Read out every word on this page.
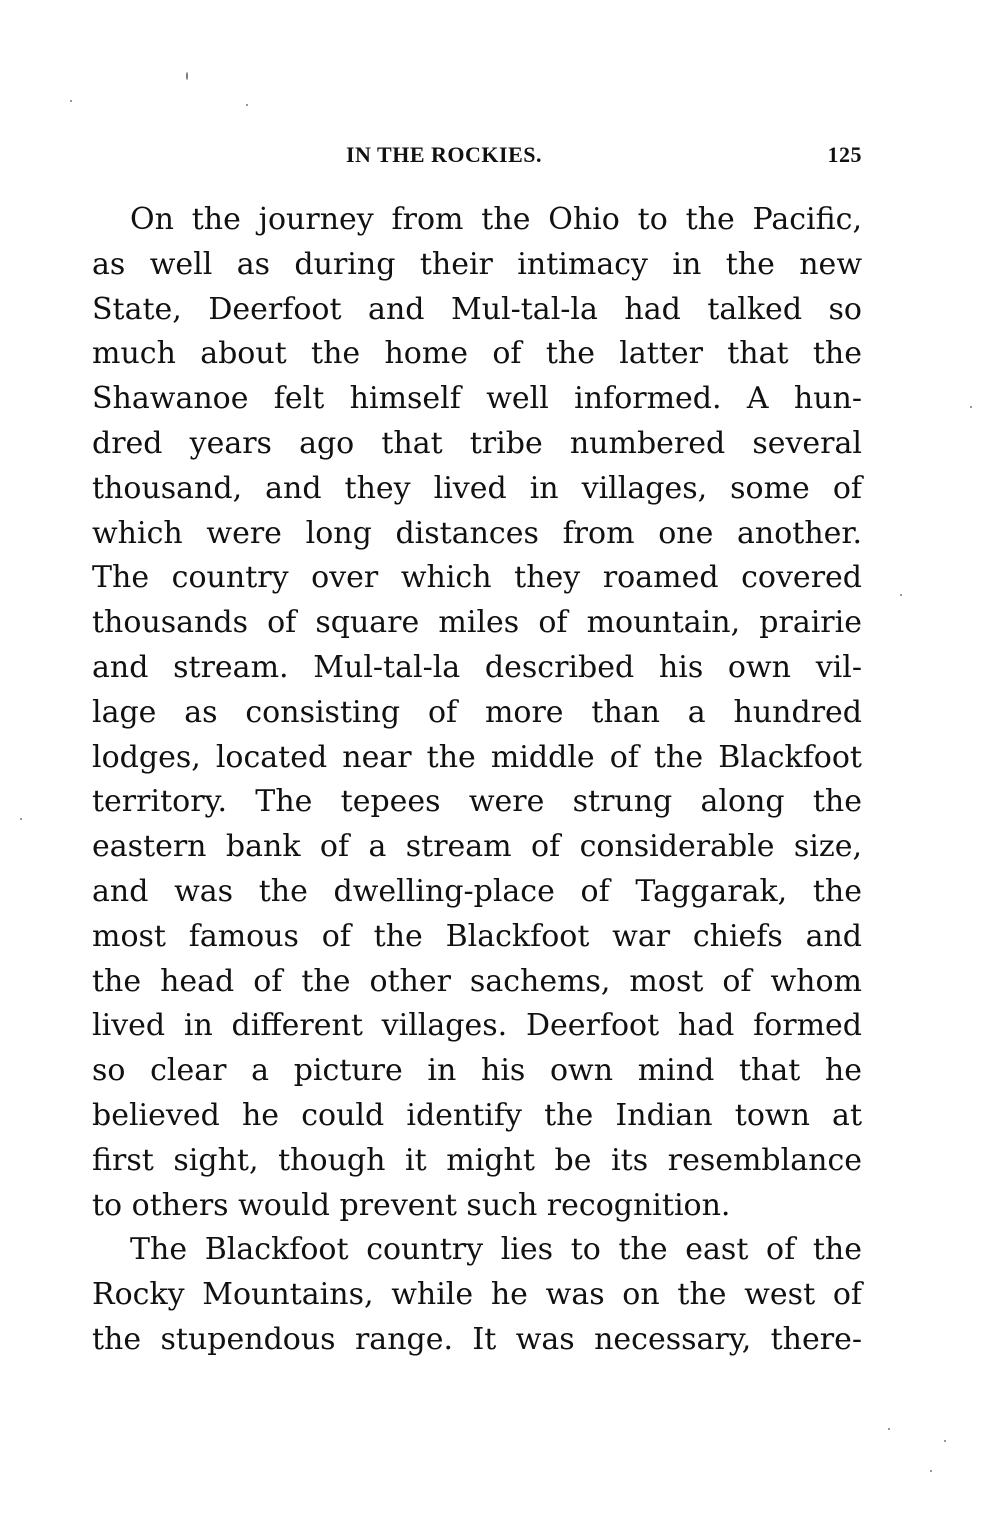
IN THE ROCKIES.	125
On the journey from the Ohio to the Pacific,
as well as during their intimacy in the new
State, Deerfoot and Mul-tal-la had talked so
much about the home of the latter that the
Shawanoe felt himself well informed. A hun-
dred years ago that tribe numbered several
thousand, and they lived in villages, some of
which were long distances from one another.
The country over which they roamed covered
thousands of square miles of mountain, prairie
and stream. Mul-tal-la described his own vil-
lage as consisting of more than a hundred
lodges, located near the middle of the Blackfoot
territory. The tepees were strung along the
eastern bank of a stream of considerable size,
and was the dwelling-place of Taggarak, the
most famous of the Blackfoot war chiefs and
the head of the other sachems, most of whom
lived in different villages. Deerfoot had formed
so clear a picture in his own mind that he
believed he could identify the Indian town at
first sight, though it might be its resemblance
to others would prevent such recognition.
The Blackfoot country lies to the east of the
Rocky Mountains, while he was on the west of
the stupendous range. It was necessary, there-
